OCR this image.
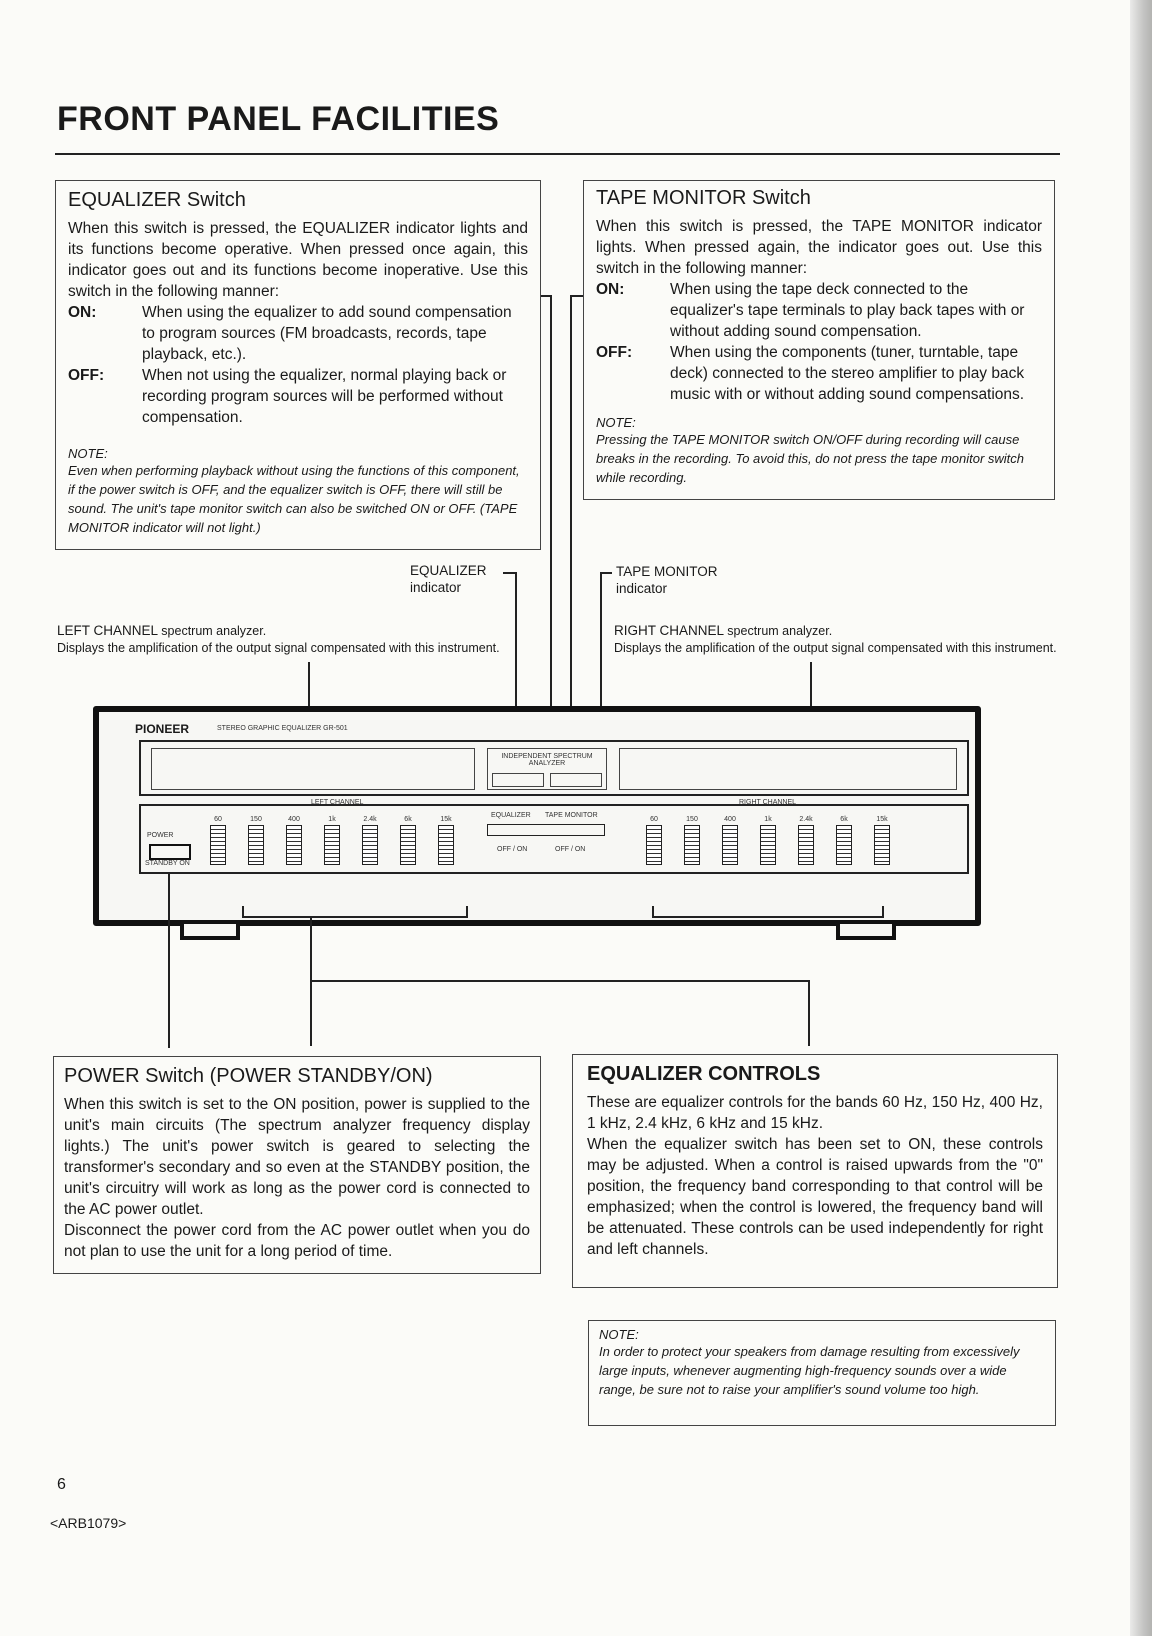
FRONT PANEL FACILITIES
EQUALIZER Switch

When this switch is pressed, the EQUALIZER indicator lights and its functions become operative. When pressed once again, this indicator goes out and its functions become inoperative. Use this switch in the following manner:

ON:	When using the equalizer to add sound compensation to program sources (FM broadcasts, records, tape playback, etc.).
OFF:	When not using the equalizer, normal playing back or recording program sources will be performed without compensation.
NOTE:
Even when performing playback without using the functions of this component, if the power switch is OFF, and the equalizer switch is OFF, there will still be sound. The unit's tape monitor switch can also be switched ON or OFF. (TAPE MONITOR indicator will not light.)
TAPE MONITOR Switch

When this switch is pressed, the TAPE MONITOR indicator lights. When pressed again, the indicator goes out. Use this switch in the following manner:

ON:	When using the tape deck connected to the equalizer's tape terminals to play back tapes with or without adding sound compensation.
OFF:	When using the components (tuner, turntable, tape deck) connected to the stereo amplifier to play back music with or without adding sound compensations.
NOTE:
Pressing the TAPE MONITOR switch ON/OFF during recording will cause breaks in the recording. To avoid this, do not press the tape monitor switch while recording.
EQUALIZER
indicator
TAPE MONITOR
indicator
LEFT CHANNEL spectrum analyzer.
Displays the amplification of the output signal compensated with this instrument.
RIGHT CHANNEL spectrum analyzer.
Displays the amplification of the output signal compensated with this instrument.
PIONEER	STEREO GRAPHIC EQUALIZER GR-501
INDEPENDENT SPECTRUM ANALYZER
LEFT CHANNEL	RIGHT CHANNEL
POWER
STANDBY ON
60	150	400	1k	2.4k	6k	15k
EQUALIZER TAPE MONITOR
OFF / ON	OFF / ON
60	150	400	1k	2.4k	6k	15k
POWER Switch (POWER STANDBY/ON)

When this switch is set to the ON position, power is supplied to the unit's main circuits (The spectrum analyzer frequency display lights.) The unit's power switch is geared to selecting the transformer's secondary and so even at the STANDBY position, the unit's circuitry will work as long as the power cord is connected to the AC power outlet.

Disconnect the power cord from the AC power outlet when you do not plan to use the unit for a long period of time.

EQUALIZER CONTROLS

These are equalizer controls for the bands 60 Hz, 150 Hz, 400 Hz, 1 kHz, 2.4 kHz, 6 kHz and 15 kHz.

When the equalizer switch has been set to ON, these controls may be adjusted. When a control is raised upwards from the "0" position, the frequency band corresponding to that control will be emphasized; when the control is lowered, the frequency band will be attenuated. These controls can be used independently for right and left channels.

NOTE:
In order to protect your speakers from damage resulting from excessively large inputs, whenever augmenting high-frequency sounds over a wide range, be sure not to raise your amplifier's sound volume too high.
6
<ARB1079>
